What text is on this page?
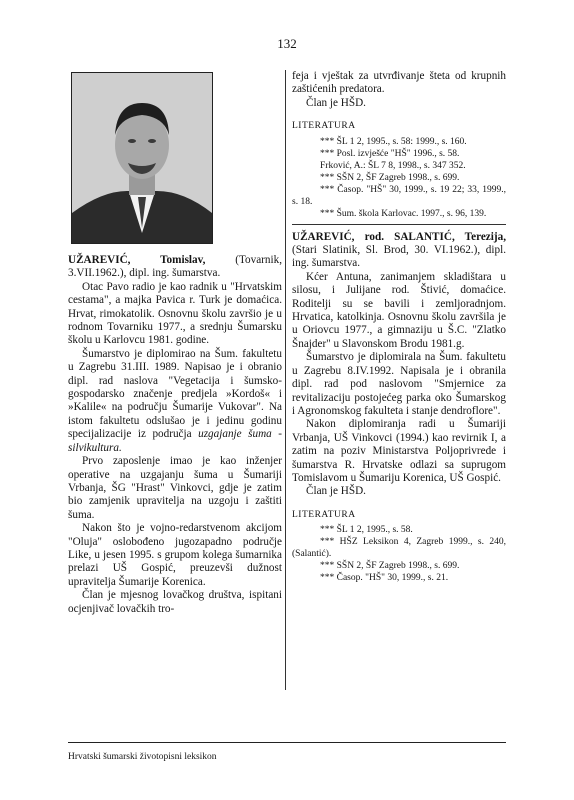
132

UŽAREVIĆ, Tomislav, (Tovarnik, 3.VII.1962.), dipl. ing. šumarstva.

Otac Pavo radio je kao radnik u "Hrvatskim cestama", a majka Pavica r. Turk je domaćica. Hrvat, rimokatolik. Osnovnu školu završio je u rodnom Tovarniku 1977., a srednju Šumarsku školu u Karlovcu 1981. godine.

Šumarstvo je diplomirao na Šum. fakultetu u Zagrebu 31.III. 1989. Napisao je i obranio dipl. rad naslova "Vegetacija i šumsko-gospodarsko značenje predjela »Kordoš« i »Kalile« na području Šumarije Vukovar". Na istom fakultetu odslušao je i jedinu godinu specijalizacije iz područja uzgajanje šuma - silvikultura.

Prvo zaposlenje imao je kao inženjer operative na uzgajanju šuma u Šumariji Vrbanja, ŠG "Hrast" Vinkovci, gdje je zatim bio zamjenik upravitelja na uzgoju i zaštiti šuma.

Nakon što je vojno-redarstvenom akcijom "Oluja" oslobođeno jugozapadno područje Like, u jesen 1995. s grupom kolega šumarnika prelazi UŠ Gospić, preuzevši dužnost upravitelja Šumarije Korenica.

Član je mjesnog lovačkog društva, ispitani ocjenjivač lovačkih tro-

feja i vještak za utvrđivanje šteta od krupnih zaštićenih predatora.

Član je HŠD.

LITERATURA

*** ŠL 1 2, 1995., s. 58: 1999., s. 160.

*** Posl. izvješće "HŠ" 1996., s. 58.

Frković, A.: ŠL 7 8, 1998., s. 347 352.

*** SŠN 2, ŠF Zagreb 1998., s. 699.

*** Časop. "HŠ" 30, 1999., s. 19 22; 33, 1999., s. 18.

*** Šum. škola Karlovac. 1997., s. 96, 139.

UŽAREVIĆ, rod. SALANTIĆ, Terezija, (Stari Slatinik, Sl. Brod, 30. VI.1962.), dipl. ing. šumarstva.

Kćer Antuna, zanimanjem skladištara u silosu, i Julijane rod. Štivić, domaćice. Roditelji su se bavili i zemljoradnjom. Hrvatica, katolkinja. Osnovnu školu završila je u Oriovcu 1977., a gimnaziju u Š.C. "Zlatko Šnajder" u Slavonskom Brodu 1981.g.

Šumarstvo je diplomirala na Šum. fakultetu u Zagrebu 8.IV.1992. Napisala je i obranila dipl. rad pod naslovom "Smjernice za revitalizaciju postojećeg parka oko Šumarskog i Agronomskog fakulteta i stanje dendroflore".

Nakon diplomiranja radi u Šumariji Vrbanja, UŠ Vinkovci (1994.) kao revirnik I, a zatim na poziv Ministarstva Poljoprivrede i šumarstva R. Hrvatske odlazi sa suprugom Tomislavom u Šumariju Korenica, UŠ Gospić.

Član je HŠD.

LITERATURA

*** ŠL 1 2, 1995., s. 58.

*** HŠZ Leksikon 4, Zagreb 1999., s. 240, (Salantić).

*** SŠN 2, ŠF Zagreb 1998., s. 699.

*** Časop. "HŠ" 30, 1999., s. 21.

Hrvatski šumarski životopisni leksikon
